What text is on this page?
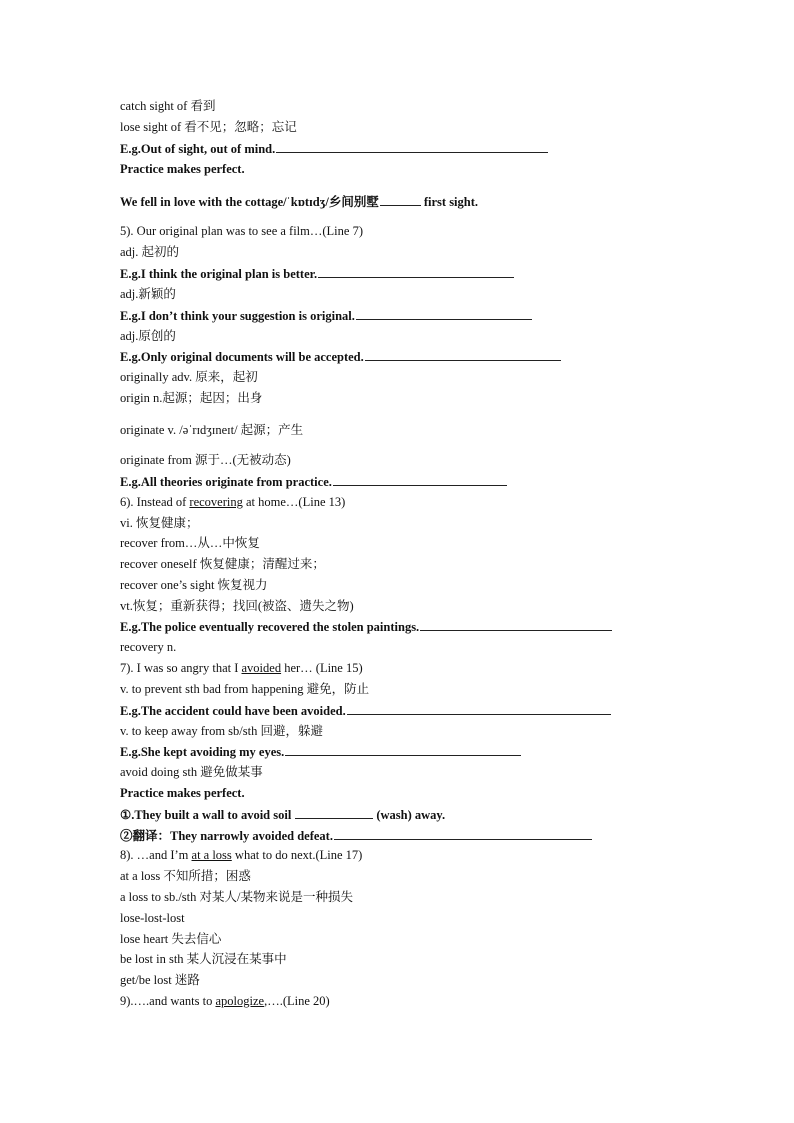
catch sight of 看到
lose sight of 看不见；忽略；忘记
E.g.Out of sight, out of mind.
Practice makes perfect.
We fell in love with the cottage/ˈkɒtɪdʒ/乡间别墅	first sight.
5). Our original plan was to see a film…(Line 7)
adj. 起初的
E.g.I think the original plan is better.
adj.新颖的
E.g.I don’t think your suggestion is original.
adj.原创的
E.g.Only original documents will be accepted.
originally adv. 原来，起初
origin n.起源；起因；出身
originate v. /əˈrɪdʒɪneɪt/ 起源；产生
originate from 源于…(无被动态)
E.g.All theories originate from practice.
6). Instead of recovering at home…(Line 13)
vi. 恢复健康；
recover from…从…中恢复
recover oneself 恢复健康；清醒过来；
recover one’s sight 恢复视力
vt.恢复；重新获得；找回(被盗、遗失之物)
E.g.The police eventually recovered the stolen paintings.
recovery n.
7). I was so angry that I avoided her… (Line 15)
v. to prevent sth bad from happening 避免，防止
E.g.The accident could have been avoided.
v. to keep away from sb/sth 回避，躲避
E.g.She kept avoiding my eyes.
avoid doing sth 避免做某事
Practice makes perfect.
①.They built a wall to avoid soil	(wash) away.
②翻译：They narrowly avoided defeat.
8). …and I’m at a loss what to do next.(Line 17)
at a loss 不知所措；困惑
a loss to sb./sth 对某人/某物来说是一种损失
lose-lost-lost
lose heart 失去信心
be lost in sth 某人沉浸在某事中
get/be lost 迷路
9).….and wants to apologize,….(Line 20)
